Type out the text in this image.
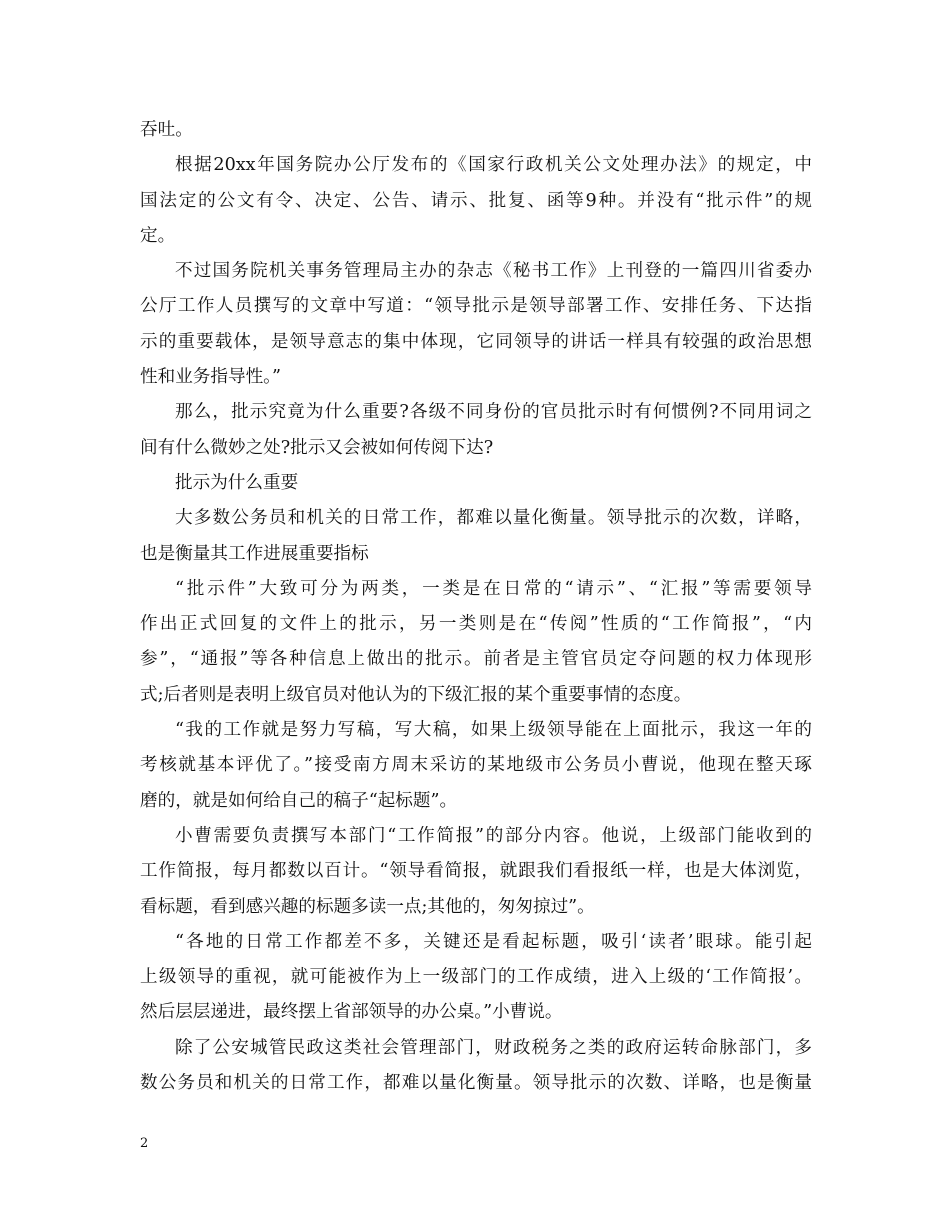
吞吐。
根据20xx年国务院办公厅发布的《国家行政机关公文处理办法》的规定，中
国法定的公文有令、决定、公告、请示、批复、函等9种。并没有“批示件”的规
定。
不过国务院机关事务管理局主办的杂志《秘书工作》上刊登的一篇四川省委办
公厅工作人员撰写的文章中写道：“领导批示是领导部署工作、安排任务、下达指
示的重要载体，是领导意志的集中体现，它同领导的讲话一样具有较强的政治思想
性和业务指导性。”
那么，批示究竟为什么重要?各级不同身份的官员批示时有何惯例?不同用词之
间有什么微妙之处?批示又会被如何传阅下达?
批示为什么重要
大多数公务员和机关的日常工作，都难以量化衡量。领导批示的次数，详略，
也是衡量其工作进展重要指标
“批示件”大致可分为两类，一类是在日常的“请示”、“汇报”等需要领导
作出正式回复的文件上的批示，另一类则是在“传阅”性质的“工作简报”，“内
参”，“通报”等各种信息上做出的批示。前者是主管官员定夺问题的权力体现形
式;后者则是表明上级官员对他认为的下级汇报的某个重要事情的态度。
“我的工作就是努力写稿，写大稿，如果上级领导能在上面批示，我这一年的
考核就基本评优了。”接受南方周末采访的某地级市公务员小曹说，他现在整天琢
磨的，就是如何给自己的稿子“起标题”。
小曹需要负责撰写本部门“工作简报”的部分内容。他说，上级部门能收到的
工作简报，每月都数以百计。“领导看简报，就跟我们看报纸一样，也是大体浏览，
看标题，看到感兴趣的标题多读一点;其他的，匆匆掠过”。
“各地的日常工作都差不多，关键还是看起标题，吸引‘读者’眼球。能引起
上级领导的重视，就可能被作为上一级部门的工作成绩，进入上级的‘工作简报’。
然后层层递进，最终摆上省部领导的办公桌。”小曹说。
除了公安城管民政这类社会管理部门，财政税务之类的政府运转命脉部门，多
数公务员和机关的日常工作，都难以量化衡量。领导批示的次数、详略，也是衡量
2
